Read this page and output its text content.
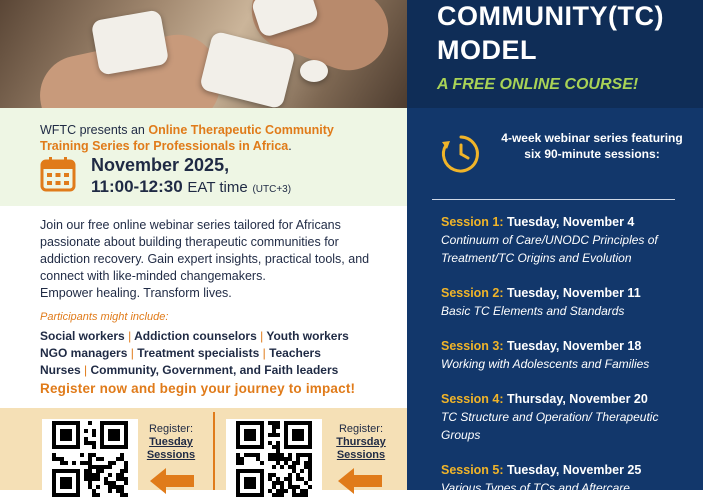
WFTC presents an Online Therapeutic Community Training Series for Professionals in Africa.
November 2025,
11:00-12:30 EAT time (UTC+3)
Join our free online webinar series tailored for Africans passionate about building therapeutic communities for addiction recovery. Gain expert insights, practical tools, and connect with like-minded changemakers.
Empower healing. Transform lives.
Participants might include:
Social workers | Addiction counselors | Youth workers
NGO managers | Treatment specialists | Teachers
Nurses | Community, Government, and Faith leaders
Register now and begin your journey to impact!
Register:
Tuesday Sessions
Register:
Thursday Sessions
COMMUNITY(TC)
MODEL
A FREE ONLINE COURSE!
4-week webinar series featuring six 90-minute sessions:
Session 1: Tuesday, November 4
Continuum of Care/UNODC Principles of Treatment/TC Origins and Evolution
Session 2: Tuesday, November 11
Basic TC Elements and Standards
Session 3: Tuesday, November 18
Working with Adolescents and Families
Session 4: Thursday, November 20
TC Structure and Operation/ Therapeutic Groups
Session 5: Tuesday, November 25
Various Types of TCs and Aftercare
